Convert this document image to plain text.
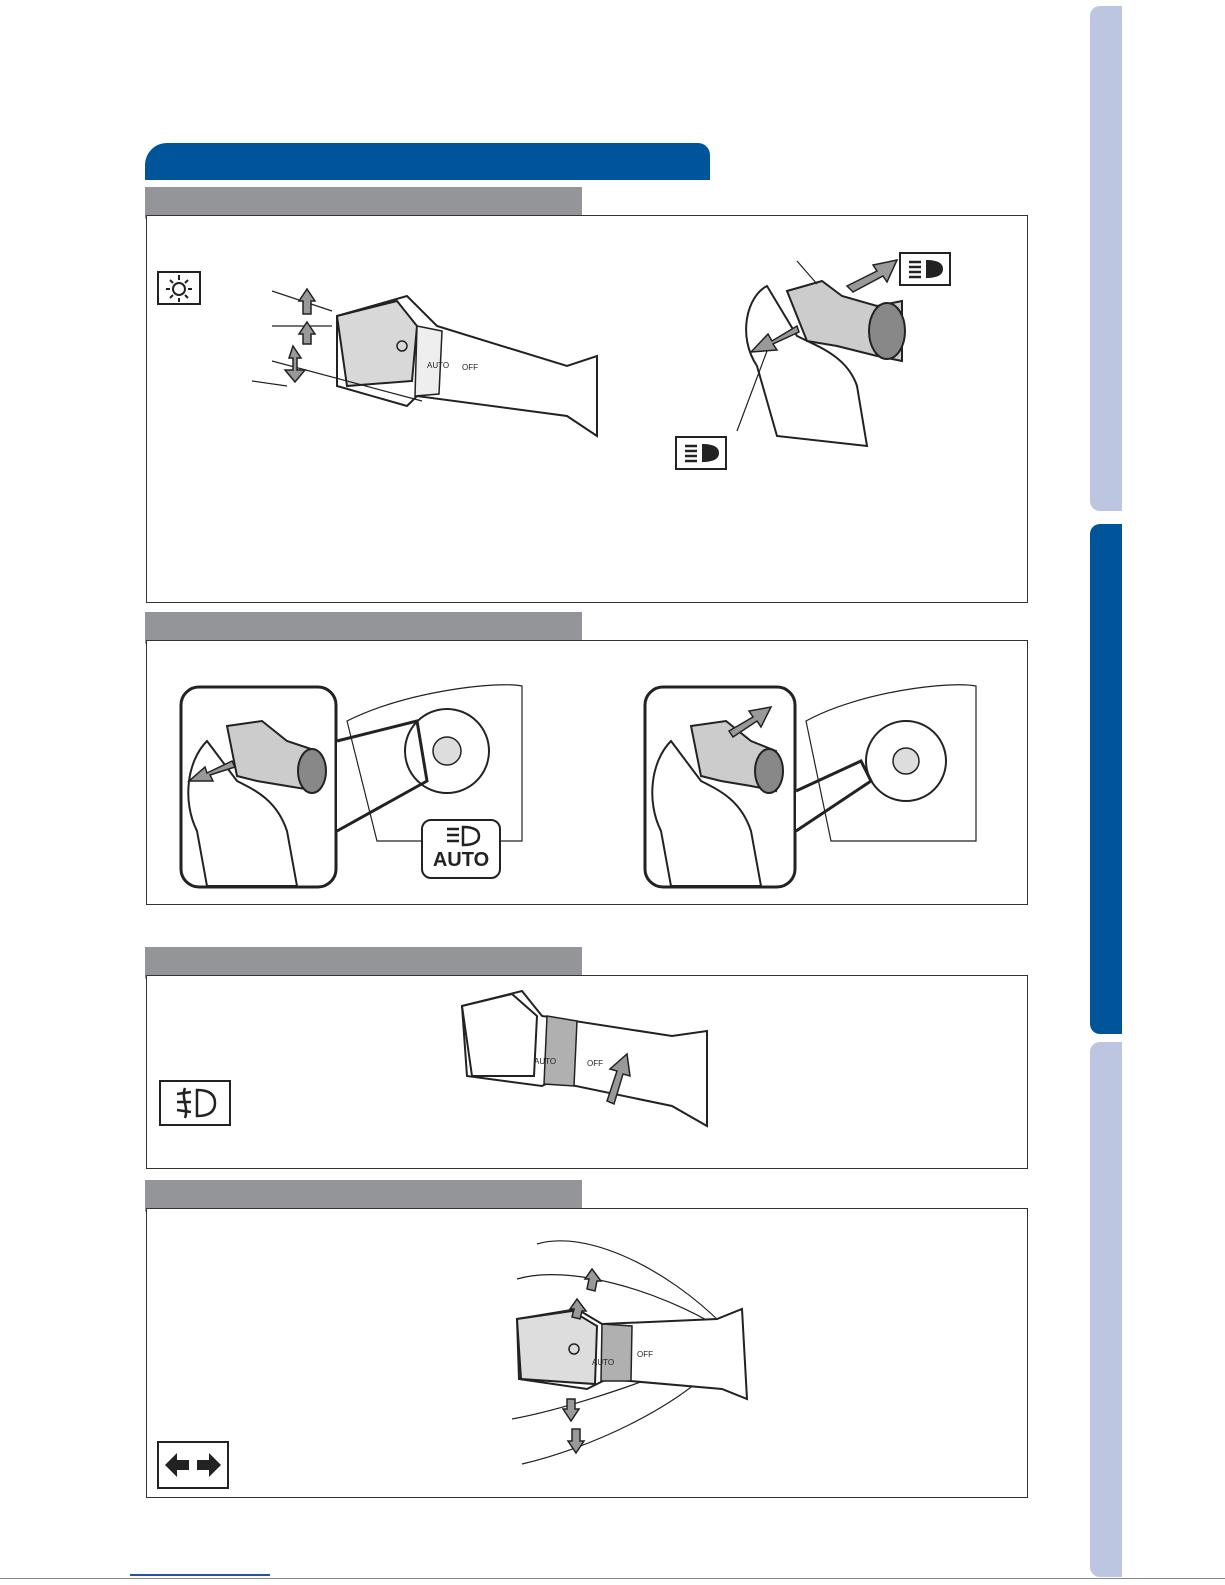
AUTO OFF
AUTO
AUTO	OFF
AUTO
OFF
